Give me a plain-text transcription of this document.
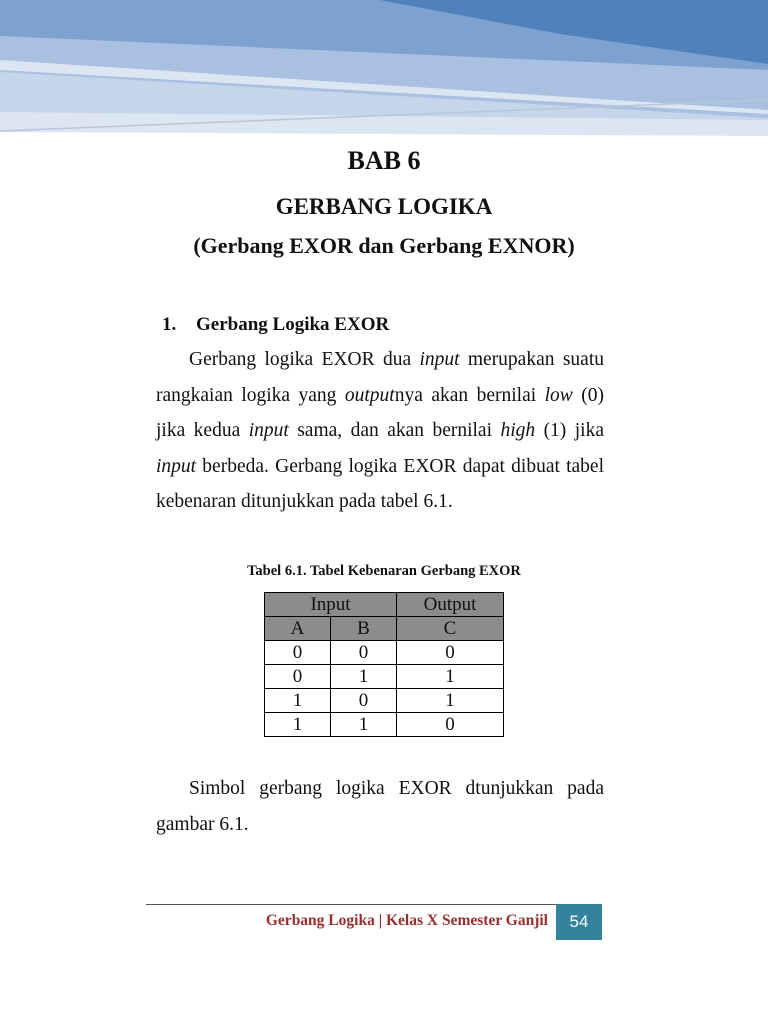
BAB 6
GERBANG LOGIKA
(Gerbang EXOR dan Gerbang EXNOR)
1. Gerbang Logika EXOR

Gerbang logika EXOR dua input merupakan suatu rangkaian logika yang outputnya akan bernilai low (0) jika kedua input sama, dan akan bernilai high (1) jika input berbeda. Gerbang logika EXOR dapat dibuat tabel kebenaran ditunjukkan pada tabel 6.1.

Tabel 6.1. Tabel Kebenaran Gerbang EXOR
Input		Output
A	B	C
0	0	0
0	1	1
1	0	1
1	1	0

Simbol gerbang logika EXOR dtunjukkan pada gambar 6.1.

Gerbang Logika | Kelas X Semester Ganjil	54
